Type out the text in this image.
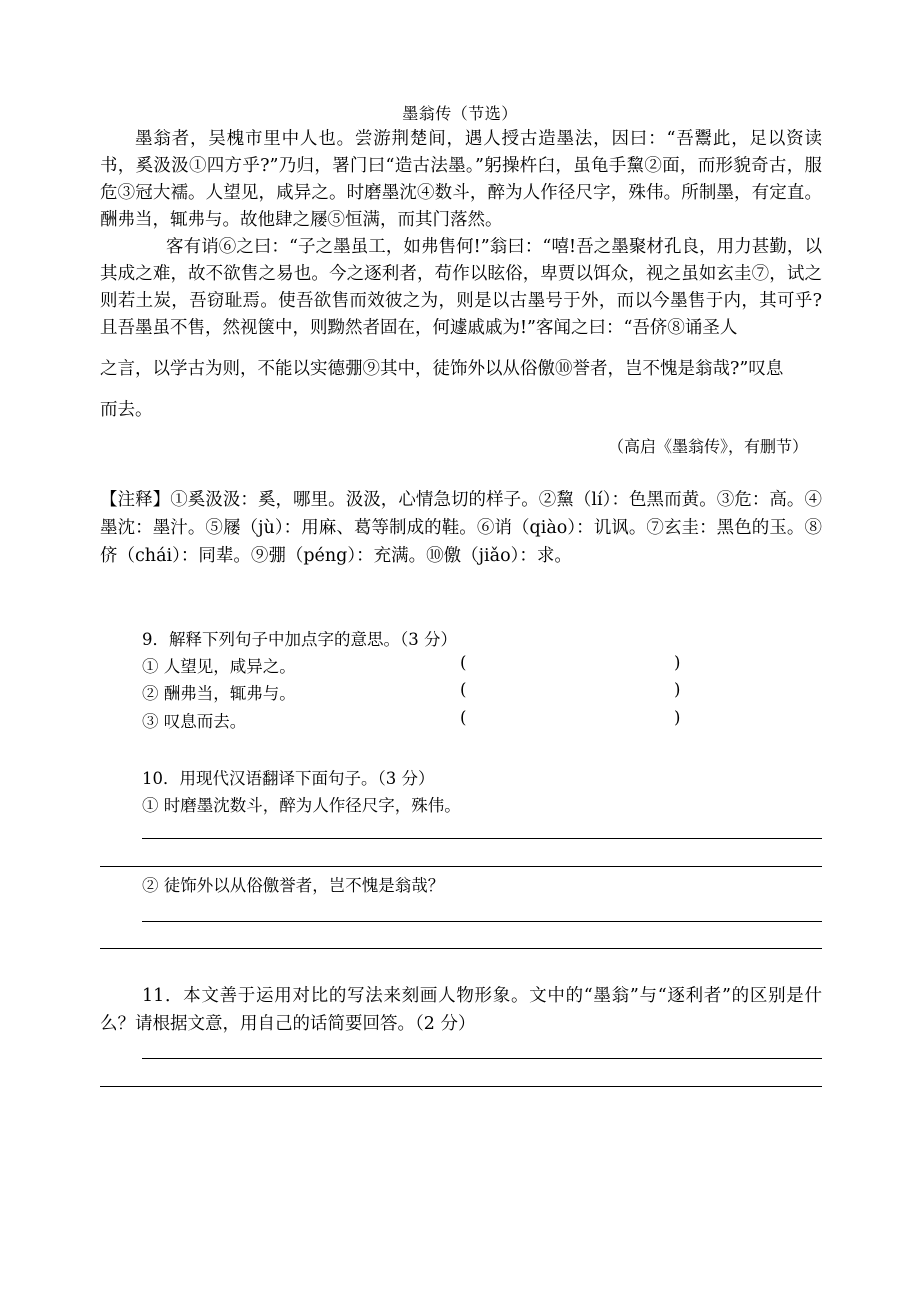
墨翁传（节选）
墨翁者，吴槐市里中人也。尝游荆楚间，遇人授古造墨法，因曰：“吾鬻此，足以资读书，奚汲汲①四方乎?”乃归，署门曰“造古法墨。”躬操杵臼，虽龟手黧②面，而形貌奇古，服危③冠大襦。人望见，咸异之。时磨墨沈④数斗，醉为人作径尺字，殊伟。所制墨，有定直。酬弗当，辄弗与。故他肆之屦⑤恒满，而其门落然。
客有诮⑥之曰：“子之墨虽工，如弗售何!”翁曰：“嘻!吾之墨聚材孔良，用力甚勤，以其成之难，故不欲售之易也。今之逐利者，苟作以眩俗，卑贾以饵众，视之虽如玄圭⑦，试之则若土炭，吾窃耻焉。使吾欲售而效彼之为，则是以古墨号于外，而以今墨售于内，其可乎?且吾墨虽不售，然视箧中，则黝然者固在，何遽戚戚为!”客闻之曰：“吾侪⑧诵圣人
之言，以学古为则，不能以实德弸⑨其中，徒饰外以从俗儌⑩誉者，岂不愧是翁哉?”叹息
而去。
（高启《墨翁传》，有删节）
【注释】①奚汲汲：奚，哪里。汲汲，心情急切的样子。②黧（lí）：色黑而黄。③危：高。④墨沈：墨汁。⑤屦（jù）：用麻、葛等制成的鞋。⑥诮（qiào）：讥讽。⑦玄圭：黑色的玉。⑧侪（chái）：同辈。⑨弸（péng）：充满。⑩儌（jiǎo）：求。
9．解释下列句子中加点字的意思。（3 分）
① 人望见，咸异之。	(	)
② 酬弗当，辄弗与。	(	)
③ 叹息而去。	(	)
10．用现代汉语翻译下面句子。（3 分）
① 时磨墨沈数斗，醉为人作径尺字，殊伟。
② 徒饰外以从俗儌誉者，岂不愧是翁哉？
11．本文善于运用对比的写法来刻画人物形象。文中的“墨翁”与“逐利者”的区别是什么？请根据文意，用自己的话简要回答。（2 分）
